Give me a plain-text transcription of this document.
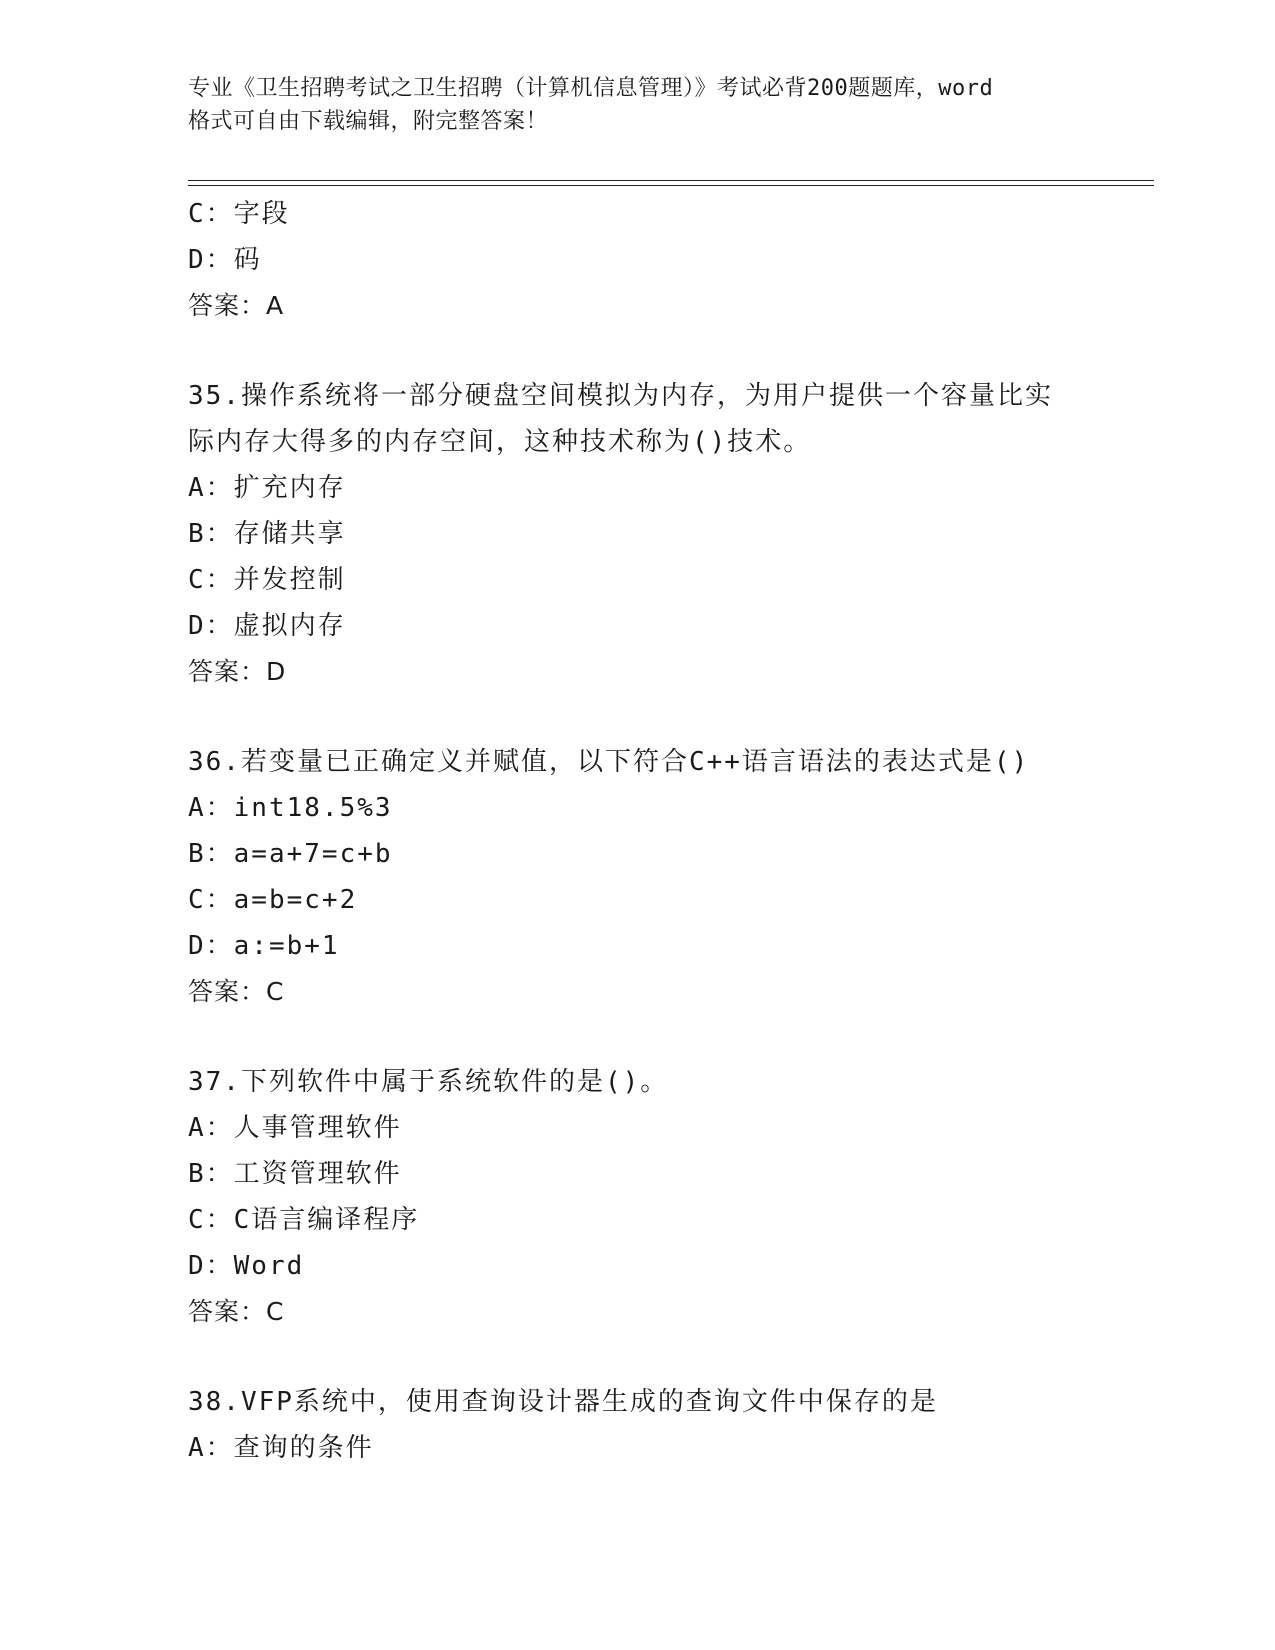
专业《卫生招聘考试之卫生招聘（计算机信息管理）》考试必背200题题库，word
格式可自由下载编辑，附完整答案！
C：字段
D：码
答案：A
35.操作系统将一部分硬盘空间模拟为内存，为用户提供一个容量比实
际内存大得多的内存空间，这种技术称为()技术。
A：扩充内存
B：存储共享
C：并发控制
D：虚拟内存
答案：D
36.若变量已正确定义并赋值，以下符合C++语言语法的表达式是()
A：int18.5%3
B：a=a+7=c+b
C：a=b=c+2
D：a:=b+1
答案：C
37.下列软件中属于系统软件的是()。
A：人事管理软件
B：工资管理软件
C：C语言编译程序
D：Word
答案：C
38.VFP系统中，使用查询设计器生成的查询文件中保存的是
A：查询的条件
